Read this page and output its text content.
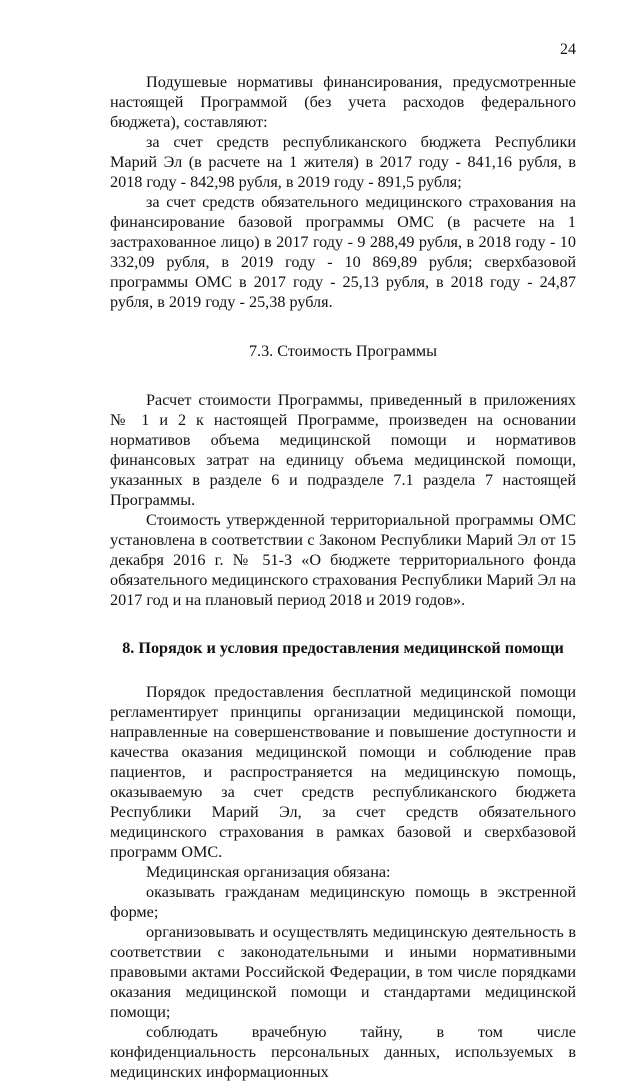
24

Подушевые нормативы финансирования, предусмотренные настоящей Программой (без учета расходов федерального бюджета), составляют:

за счет средств республиканского бюджета Республики Марий Эл (в расчете на 1 жителя) в 2017 году - 841,16 рубля, в 2018 году - 842,98 рубля, в 2019 году - 891,5 рубля;

за счет средств обязательного медицинского страхования на финансирование базовой программы ОМС (в расчете на 1 застрахованное лицо) в 2017 году - 9 288,49 рубля, в 2018 году - 10 332,09 рубля, в 2019 году - 10 869,89 рубля; сверхбазовой программы ОМС в 2017 году - 25,13 рубля, в 2018 году - 24,87 рубля, в 2019 году - 25,38 рубля.

7.3. Стоимость Программы

Расчет стоимости Программы, приведенный в приложениях № 1 и 2 к настоящей Программе, произведен на основании нормативов объема медицинской помощи и нормативов финансовых затрат на единицу объема медицинской помощи, указанных в разделе 6 и подразделе 7.1 раздела 7 настоящей Программы.

Стоимость утвержденной территориальной программы ОМС установлена в соответствии с Законом Республики Марий Эл от 15 декабря 2016 г. № 51-З «О бюджете территориального фонда обязательного медицинского страхования Республики Марий Эл на 2017 год и на плановый период 2018 и 2019 годов».

8. Порядок и условия предоставления медицинской помощи

Порядок предоставления бесплатной медицинской помощи регламентирует принципы организации медицинской помощи, направленные на совершенствование и повышение доступности и качества оказания медицинской помощи и соблюдение прав пациентов, и распространяется на медицинскую помощь, оказываемую за счет средств республиканского бюджета Республики Марий Эл, за счет средств обязательного медицинского страхования в рамках базовой и сверхбазовой программ ОМС.

Медицинская организация обязана:

оказывать гражданам медицинскую помощь в экстренной форме;

организовывать и осуществлять медицинскую деятельность в соответствии с законодательными и иными нормативными правовыми актами Российской Федерации, в том числе порядками оказания медицинской помощи и стандартами медицинской помощи;

соблюдать врачебную тайну, в том числе конфиденциальность персональных данных, используемых в медицинских информационных
